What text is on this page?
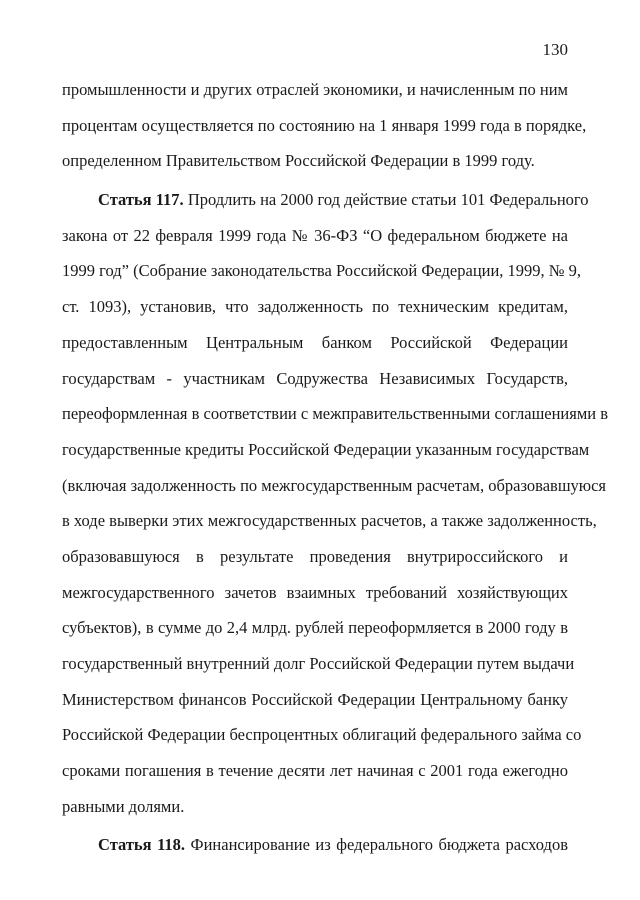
130
промышленности и других отраслей экономики, и начисленным по ним
процентам осуществляется по состоянию на 1 января 1999 года в порядке,
определенном Правительством Российской Федерации в 1999 году.
Статья 117. Продлить на 2000 год действие статьи 101 Федерального
закона от 22 февраля 1999 года № 36-ФЗ “О федеральном бюджете на
1999 год” (Собрание законодательства Российской Федерации, 1999, № 9,
ст. 1093), установив, что задолженность по техническим кредитам,
предоставленным Центральным банком Российской Федерации
государствам - участникам Содружества Независимых Государств,
переоформленная в соответствии с межправительственными соглашениями в
государственные кредиты Российской Федерации указанным государствам
(включая задолженность по межгосударственным расчетам, образовавшуюся
в ходе выверки этих межгосударственных расчетов, а также задолженность,
образовавшуюся в результате проведения внутрироссийского и
межгосударственного зачетов взаимных требований хозяйствующих
субъектов), в сумме до 2,4 млрд. рублей переоформляется в 2000 году в
государственный внутренний долг Российской Федерации путем выдачи
Министерством финансов Российской Федерации Центральному банку
Российской Федерации беспроцентных облигаций федерального займа со
сроками погашения в течение десяти лет начиная с 2001 года ежегодно
равными долями.
Статья 118. Финансирование из федерального бюджета расходов
